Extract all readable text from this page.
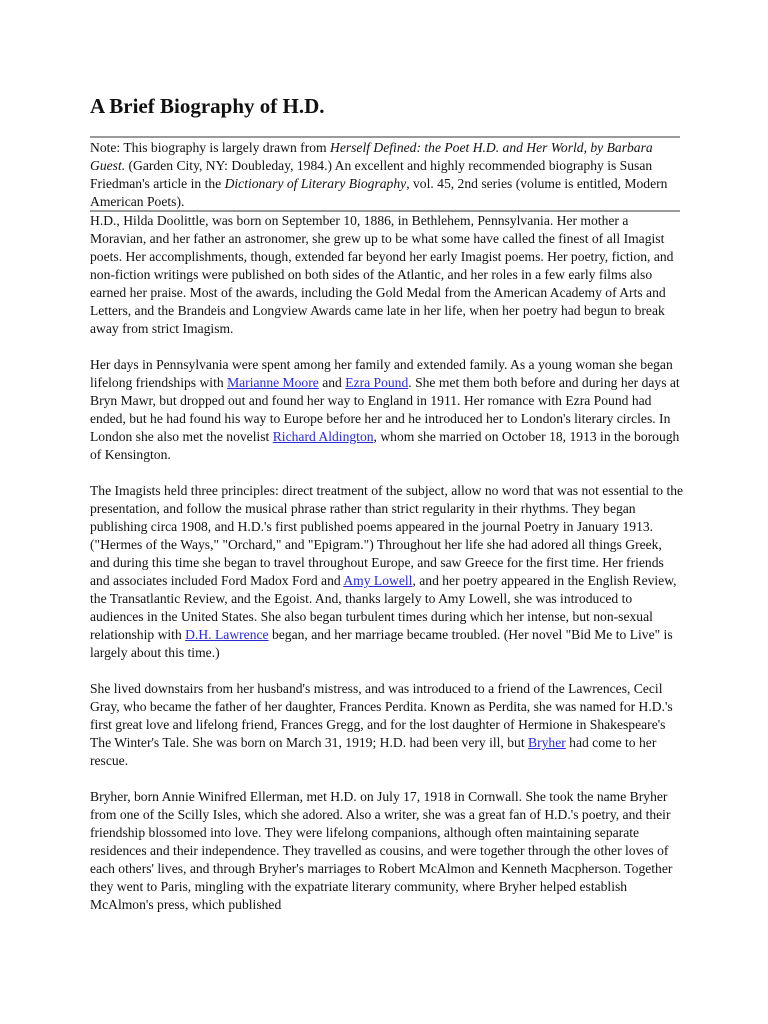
A Brief Biography of H.D.

Note: This biography is largely drawn from Herself Defined: the Poet H.D. and Her World, by Barbara Guest. (Garden City, NY: Doubleday, 1984.) An excellent and highly recommended biography is Susan Friedman's article in the Dictionary of Literary Biography, vol. 45, 2nd series (volume is entitled, Modern American Poets).

H.D., Hilda Doolittle, was born on September 10, 1886, in Bethlehem, Pennsylvania. Her mother a Moravian, and her father an astronomer, she grew up to be what some have called the finest of all Imagist poets. Her accomplishments, though, extended far beyond her early Imagist poems. Her poetry, fiction, and non-fiction writings were published on both sides of the Atlantic, and her roles in a few early films also earned her praise. Most of the awards, including the Gold Medal from the American Academy of Arts and Letters, and the Brandeis and Longview Awards came late in her life, when her poetry had begun to break away from strict Imagism.

Her days in Pennsylvania were spent among her family and extended family. As a young woman she began lifelong friendships with Marianne Moore and Ezra Pound. She met them both before and during her days at Bryn Mawr, but dropped out and found her way to England in 1911. Her romance with Ezra Pound had ended, but he had found his way to Europe before her and he introduced her to London's literary circles. In London she also met the novelist Richard Aldington, whom she married on October 18, 1913 in the borough of Kensington.

The Imagists held three principles: direct treatment of the subject, allow no word that was not essential to the presentation, and follow the musical phrase rather than strict regularity in their rhythms. They began publishing circa 1908, and H.D.'s first published poems appeared in the journal Poetry in January 1913. ("Hermes of the Ways," "Orchard," and "Epigram.") Throughout her life she had adored all things Greek, and during this time she began to travel throughout Europe, and saw Greece for the first time. Her friends and associates included Ford Madox Ford and Amy Lowell, and her poetry appeared in the English Review, the Transatlantic Review, and the Egoist. And, thanks largely to Amy Lowell, she was introduced to audiences in the United States. She also began turbulent times during which her intense, but non-sexual relationship with D.H. Lawrence began, and her marriage became troubled. (Her novel "Bid Me to Live" is largely about this time.)

She lived downstairs from her husband's mistress, and was introduced to a friend of the Lawrences, Cecil Gray, who became the father of her daughter, Frances Perdita. Known as Perdita, she was named for H.D.'s first great love and lifelong friend, Frances Gregg, and for the lost daughter of Hermione in Shakespeare's The Winter's Tale. She was born on March 31, 1919; H.D. had been very ill, but Bryher had come to her rescue.

Bryher, born Annie Winifred Ellerman, met H.D. on July 17, 1918 in Cornwall. She took the name Bryher from one of the Scilly Isles, which she adored. Also a writer, she was a great fan of H.D.'s poetry, and their friendship blossomed into love. They were lifelong companions, although often maintaining separate residences and their independence. They travelled as cousins, and were together through the other loves of each others' lives, and through Bryher's marriages to Robert McAlmon and Kenneth Macpherson. Together they went to Paris, mingling with the expatriate literary community, where Bryher helped establish McAlmon's press, which published
